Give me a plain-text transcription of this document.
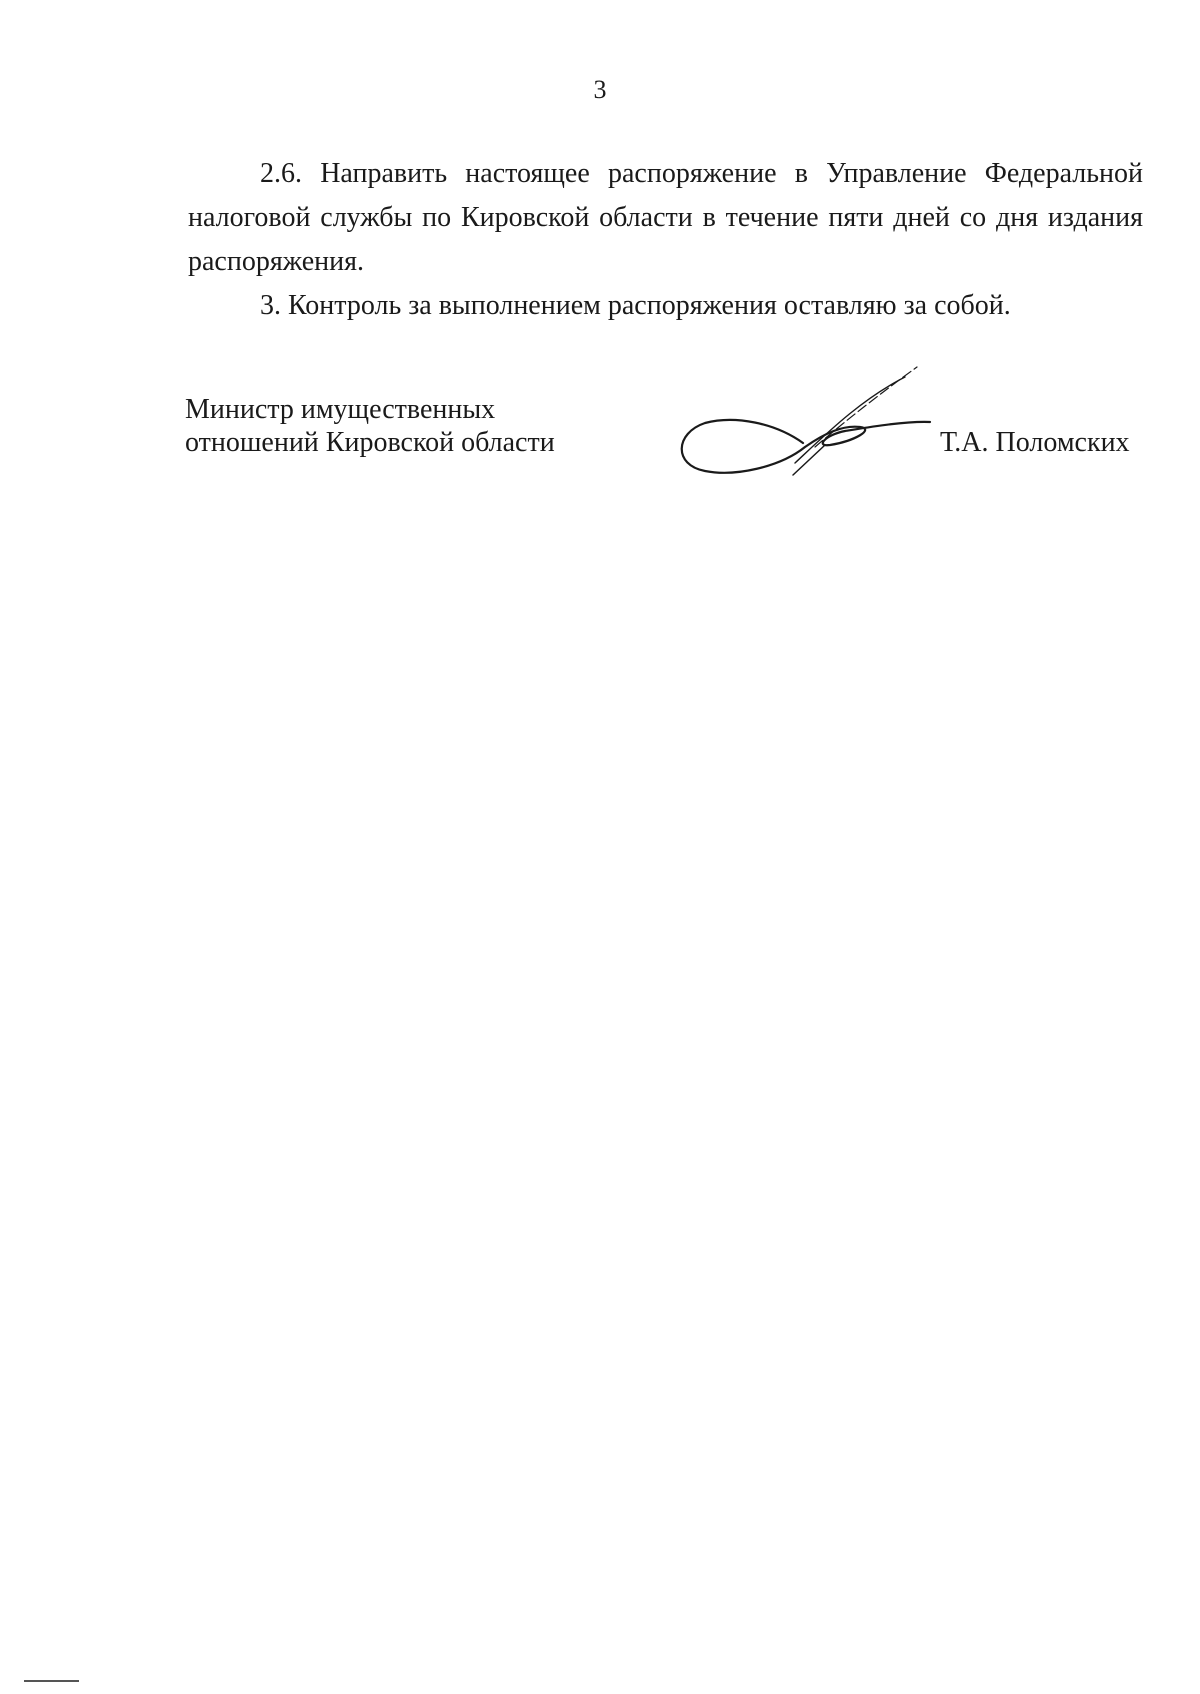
3

2.6. Направить настоящее распоряжение в Управление Федеральной налоговой службы по Кировской области в течение пяти дней со дня издания распоряжения.

3. Контроль за выполнением распоряжения оставляю за собой.

Министр имущественных
отношений Кировской области	Т.А. Поломских
